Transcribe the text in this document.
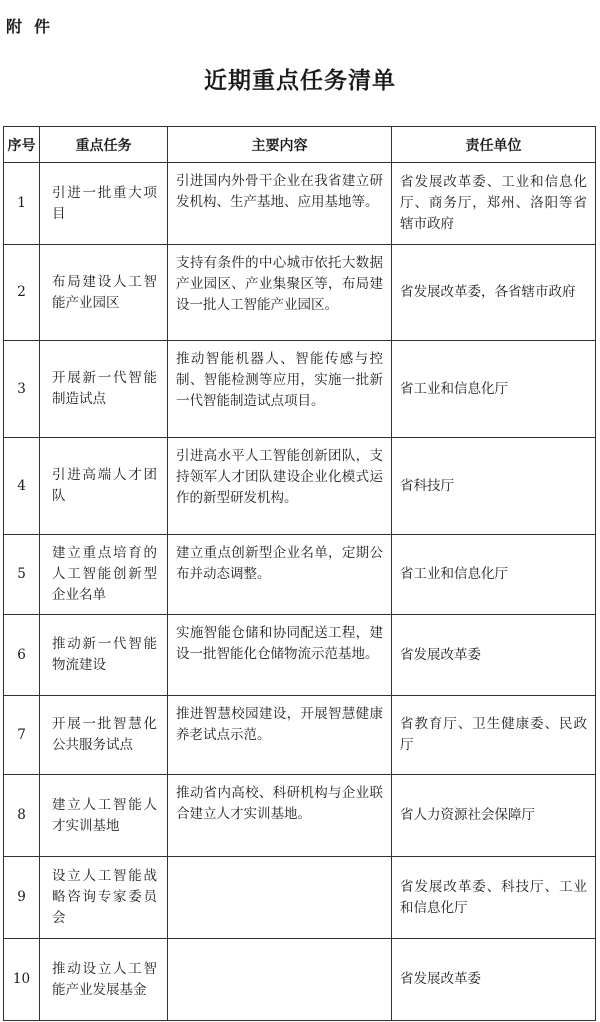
附件
近期重点任务清单
序号	重点任务	主要内容	责任单位
1	引进一批重大项目	引进国内外骨干企业在我省建立研发机构、生产基地、应用基地等。	省发展改革委、工业和信息化厅、商务厅，郑州、洛阳等省辖市政府
2	布局建设人工智能产业园区	支持有条件的中心城市依托大数据产业园区、产业集聚区等，布局建设一批人工智能产业园区。	省发展改革委，各省辖市政府
3	开展新一代智能制造试点	推动智能机器人、智能传感与控制、智能检测等应用，实施一批新一代智能制造试点项目。	省工业和信息化厅
4	引进高端人才团队	引进高水平人工智能创新团队，支持领军人才团队建设企业化模式运作的新型研发机构。	省科技厅
5	建立重点培育的人工智能创新型企业名单	建立重点创新型企业名单，定期公布并动态调整。	省工业和信息化厅
6	推动新一代智能物流建设	实施智能仓储和协同配送工程，建设一批智能化仓储物流示范基地。	省发展改革委
7	开展一批智慧化公共服务试点	推进智慧校园建设，开展智慧健康养老试点示范。	省教育厅、卫生健康委、民政厅
8	建立人工智能人才实训基地	推动省内高校、科研机构与企业联合建立人才实训基地。	省人力资源社会保障厅
9	设立人工智能战略咨询专家委员会		省发展改革委、科技厅、工业和信息化厅
10	推动设立人工智能产业发展基金		省发展改革委
